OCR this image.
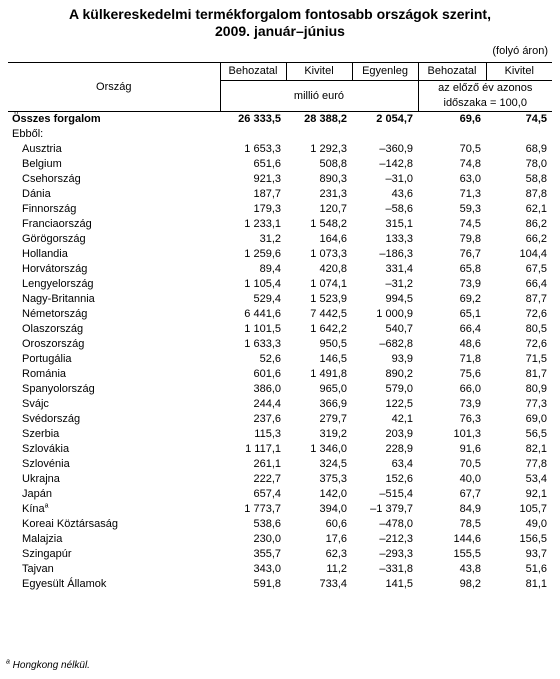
A külkereskedelmi termékforgalom fontosabb országok szerint,
2009. január–június
(folyó áron)
Ország	Behozatal	Kivitel	Egyenleg	Behozatal	Kivitel
	millió euró			az előző év azonos
időszaka = 100,0	

Összes forgalom	26 333,5	28 388,2	2 054,7	69,6	74,5
Ebből:					
Ausztria	1 653,3	1 292,3	–360,9	70,5	68,9
Belgium	651,6	508,8	–142,8	74,8	78,0
Csehország	921,3	890,3	–31,0	63,0	58,8
Dánia	187,7	231,3	43,6	71,3	87,8
Finnország	179,3	120,7	–58,6	59,3	62,1
Franciaország	1 233,1	1 548,2	315,1	74,5	86,2
Görögország	31,2	164,6	133,3	79,8	66,2
Hollandia	1 259,6	1 073,3	–186,3	76,7	104,4
Horvátország	89,4	420,8	331,4	65,8	67,5
Lengyelország	1 105,4	1 074,1	–31,2	73,9	66,4
Nagy-Britannia	529,4	1 523,9	994,5	69,2	87,7
Németország	6 441,6	7 442,5	1 000,9	65,1	72,6
Olaszország	1 101,5	1 642,2	540,7	66,4	80,5
Oroszország	1 633,3	950,5	–682,8	48,6	72,6
Portugália	52,6	146,5	93,9	71,8	71,5
Románia	601,6	1 491,8	890,2	75,6	81,7
Spanyolország	386,0	965,0	579,0	66,0	80,9
Svájc	244,4	366,9	122,5	73,9	77,3
Svédország	237,6	279,7	42,1	76,3	69,0
Szerbia	115,3	319,2	203,9	101,3	56,5
Szlovákia	1 117,1	1 346,0	228,9	91,6	82,1
Szlovénia	261,1	324,5	63,4	70,5	77,8
Ukrajna	222,7	375,3	152,6	40,0	53,4
Japán	657,4	142,0	–515,4	67,7	92,1
Kína$^a$	1 773,7	394,0	–1 379,7	84,9	105,7
Koreai Köztársaság	538,6	60,6	–478,0	78,5	49,0
Malajzia	230,0	17,6	–212,3	144,6	156,5
Szingapúr	355,7	62,3	–293,3	155,5	93,7
Tajvan	343,0	11,2	–331,8	43,8	51,6
Egyesült Államok	591,8	733,4	141,5	98,2	81,1
$^a$ Hongkong nélkül.
